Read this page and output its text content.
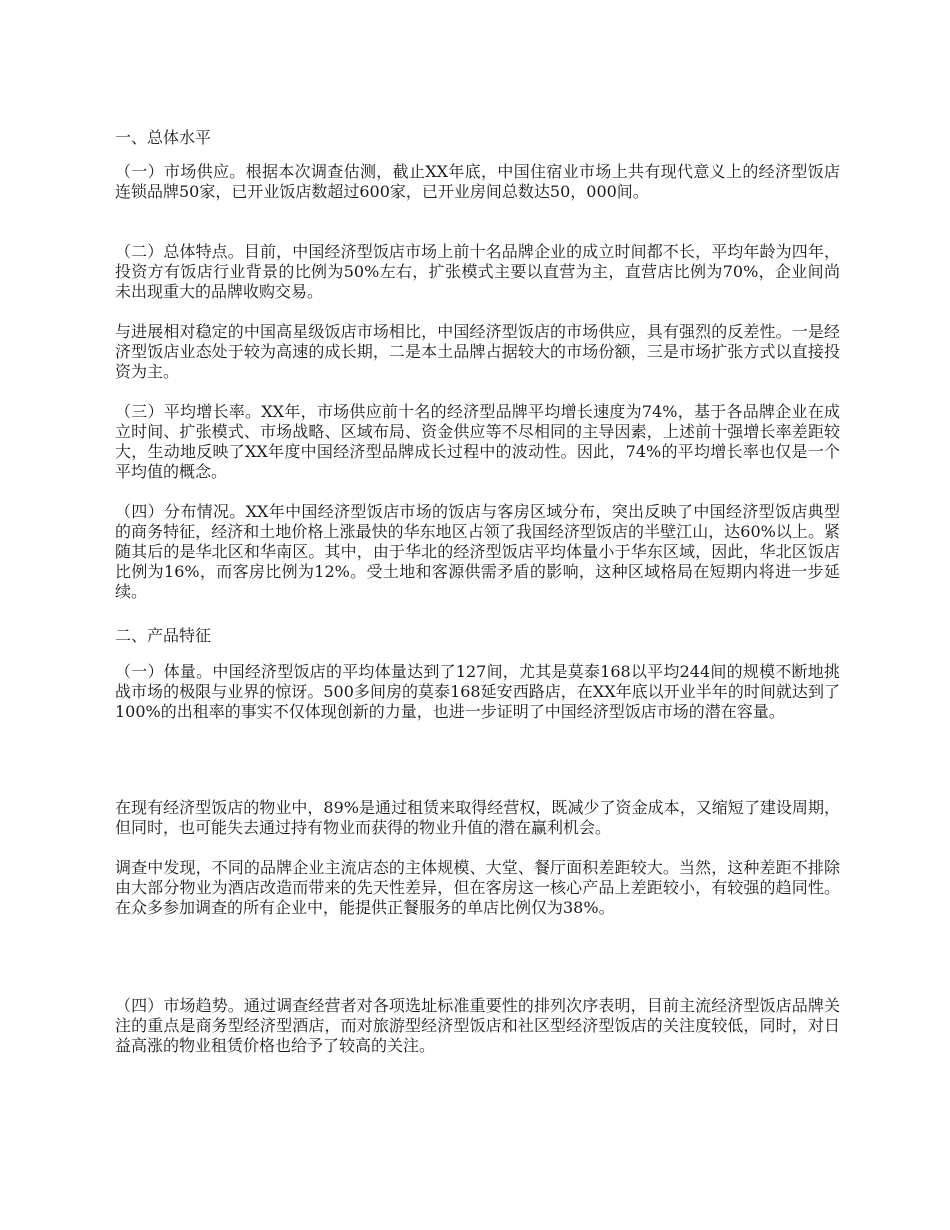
一、总体水平

（一）市场供应。根据本次调查估测，截止XX年底，中国住宿业市场上共有现代意义上的经济型饭店连锁品牌50家，已开业饭店数超过600家，已开业房间总数达50，000间。

（二）总体特点。目前，中国经济型饭店市场上前十名品牌企业的成立时间都不长，平均年龄为四年，投资方有饭店行业背景的比例为50%左右，扩张模式主要以直营为主，直营店比例为70%，企业间尚未出现重大的品牌收购交易。

与进展相对稳定的中国高星级饭店市场相比，中国经济型饭店的市场供应，具有强烈的反差性。一是经济型饭店业态处于较为高速的成长期，二是本土品牌占据较大的市场份额，三是市场扩张方式以直接投资为主。

（三）平均增长率。XX年，市场供应前十名的经济型品牌平均增长速度为74%，基于各品牌企业在成立时间、扩张模式、市场战略、区域布局、资金供应等不尽相同的主导因素，上述前十强增长率差距较大，生动地反映了XX年度中国经济型品牌成长过程中的波动性。因此，74%的平均增长率也仅是一个平均值的概念。

（四）分布情况。XX年中国经济型饭店市场的饭店与客房区域分布，突出反映了中国经济型饭店典型的商务特征，经济和土地价格上涨最快的华东地区占领了我国经济型饭店的半壁江山，达60%以上。紧随其后的是华北区和华南区。其中，由于华北的经济型饭店平均体量小于华东区域，因此，华北区饭店比例为16%，而客房比例为12%。受土地和客源供需矛盾的影响，这种区域格局在短期内将进一步延续。

二、产品特征

（一）体量。中国经济型饭店的平均体量达到了127间，尤其是莫泰168以平均244间的规模不断地挑战市场的极限与业界的惊讶。500多间房的莫泰168延安西路店，在XX年底以开业半年的时间就达到了100%的出租率的事实不仅体现创新的力量，也进一步证明了中国经济型饭店市场的潜在容量。

在现有经济型饭店的物业中，89%是通过租赁来取得经营权，既减少了资金成本，又缩短了建设周期，但同时，也可能失去通过持有物业而获得的物业升值的潜在赢利机会。

调查中发现，不同的品牌企业主流店态的主体规模、大堂、餐厅面积差距较大。当然，这种差距不排除由大部分物业为酒店改造而带来的先天性差异，但在客房这一核心产品上差距较小，有较强的趋同性。在众多参加调查的所有企业中，能提供正餐服务的单店比例仅为38%。

（四）市场趋势。通过调查经营者对各项选址标准重要性的排列次序表明，目前主流经济型饭店品牌关注的重点是商务型经济型酒店，而对旅游型经济型饭店和社区型经济型饭店的关注度较低，同时，对日益高涨的物业租赁价格也给予了较高的关注。
